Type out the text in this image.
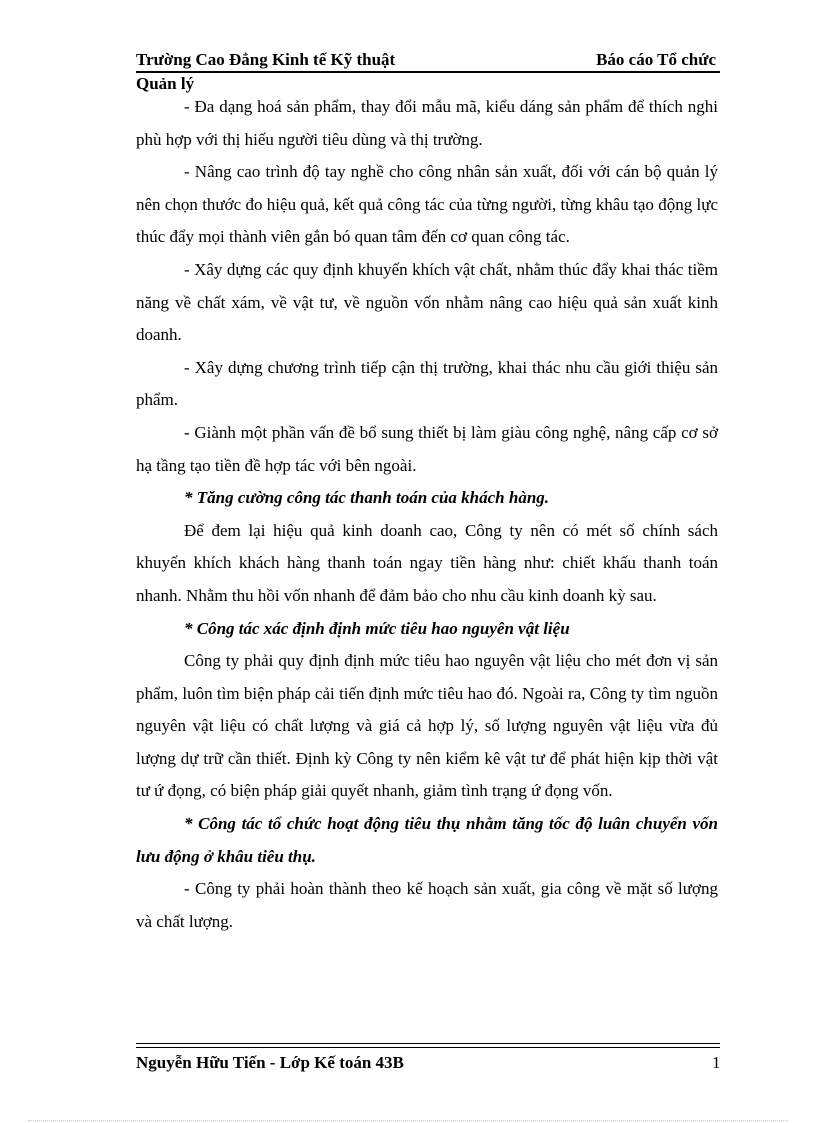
Trường Cao Đẳng Kinh tế Kỹ thuật	Báo cáo Tổ chức
Quản lý

- Đa dạng hoá sản phẩm, thay đổi mẫu mã, kiểu dáng sản phẩm để thích nghi phù hợp với thị hiếu người tiêu dùng và thị trường.

- Nâng cao trình độ tay nghề cho công nhân sản xuất, đối với cán bộ quản lý nên chọn thước đo hiệu quả, kết quả công tác của từng người, từng khâu tạo động lực thúc đẩy mọi thành viên gắn bó quan tâm đến cơ quan công tác.

- Xây dựng các quy định khuyến khích vật chất, nhằm thúc đẩy khai thác tiềm năng về chất xám, về vật tư, về nguồn vốn nhằm nâng cao hiệu quả sản xuất kinh doanh.

- Xây dựng chương trình tiếp cận thị trường, khai thác nhu cầu giới thiệu sản phẩm.

- Giành một phần vấn đề bổ sung thiết bị làm giàu công nghệ, nâng cấp cơ sở hạ tầng tạo tiền đề hợp tác với bên ngoài.

* Tăng cường công tác thanh toán của khách hàng.

Để đem lại hiệu quả kinh doanh cao, Công ty nên có mét số chính sách khuyến khích khách hàng thanh toán ngay tiền hàng như: chiết khấu thanh toán nhanh. Nhằm thu hồi vốn nhanh để đảm bảo cho nhu cầu kinh doanh kỳ sau.

* Công tác xác định định mức tiêu hao nguyên vật liệu

Công ty phải quy định định mức tiêu hao nguyên vật liệu cho mét đơn vị sản phẩm, luôn tìm biện pháp cải tiến định mức tiêu hao đó. Ngoài ra, Công ty tìm nguồn nguyên vật liệu có chất lượng và giá cả hợp lý, số lượng nguyên vật liệu vừa đủ lượng dự trữ cần thiết. Định kỳ Công ty nên kiểm kê vật tư để phát hiện kịp thời vật tư ứ đọng, có biện pháp giải quyết nhanh, giảm tình trạng ứ đọng vốn.

* Công tác tổ chức hoạt động tiêu thụ nhằm tăng tốc độ luân chuyển vốn lưu động ở khâu tiêu thụ.

- Công ty phải hoàn thành theo kế hoạch sản xuất, gia công về mặt số lượng và chất lượng.

Nguyễn Hữu Tiến - Lớp Kế toán 43B	1
